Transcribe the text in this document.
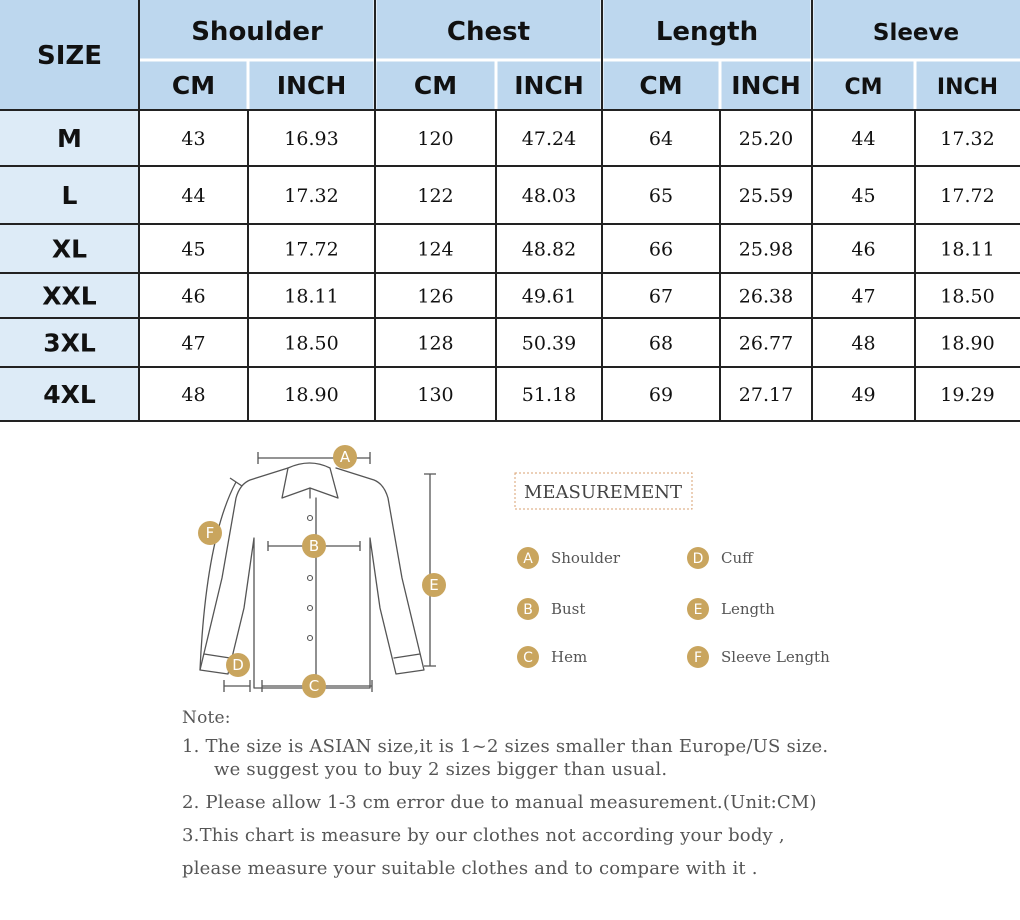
SIZE
Shoulder	Chest	Length	Sleeve
CM INCH	CM INCH CM INCH CM INCH
M	43	16.93	120	47.24	64	25.20	44	17.32
L	44	17.32	122	48.03	65	25.59	45	17.72
XL	45	17.72	124	48.82	66	25.98	46	18.11
XXL	46	18.11	126	49.61	67	26.38	47	18.50
3XL	47	18.50	128	50.39	68	26.77	48	18.90
4XL	48	18.90	130	51.18	69	27.17	49	19.29
A
B
C
D
E
F
MEASUREMENT
A Shoulder	D Cuff
B Bust	E Length
C Hem	F Sleeve Length
Note:
1. The size is ASIAN size,it is 1~2 sizes smaller than Europe/US size.
we suggest you to buy 2 sizes bigger than usual.
2. Please allow 1-3 cm error due to manual measurement.(Unit:CM)
3.This chart is measure by our clothes not according your body ,
please measure your suitable clothes and to compare with it .
